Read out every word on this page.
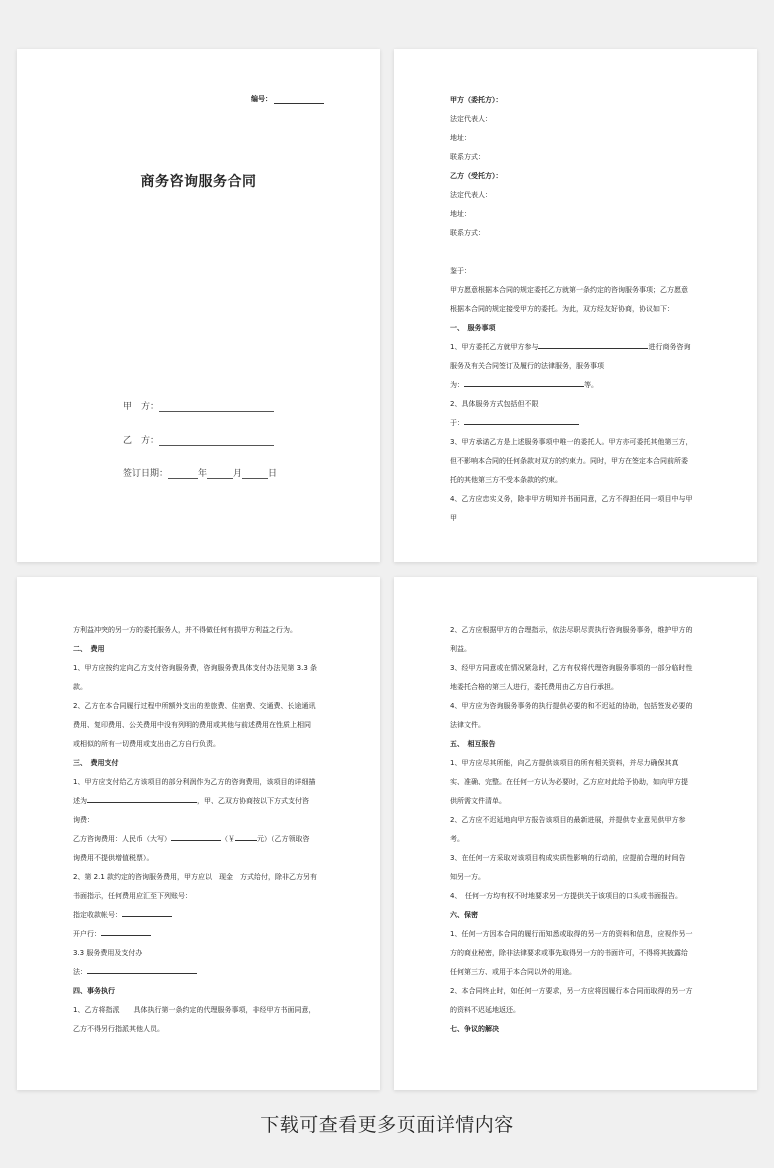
编号：
商务咨询服务合同
甲　方：
乙　方：
签订日期：	年	月	日
甲方（委托方）：
法定代表人：
地址：
联系方式：
乙方（受托方）：
法定代表人：
地址：
联系方式：

鉴于：
甲方愿意根据本合同的规定委托乙方就第一条约定的咨询服务事项；乙方愿意
根据本合同的规定接受甲方的委托。为此，双方经友好协商，协议如下：
一、　服务事项
1、甲方委托乙方就甲方参与	进行商务咨询
服务及有关合同签订及履行的法律服务，服务事项
为：	等。
2、具体服务方式包括但不限
于：
3、甲方承诺乙方是上述服务事项中唯一的委托人。甲方亦可委托其他第三方，
但不影响本合同的任何条款对双方的约束力。同时，甲方在签定本合同前所委
托的其他第三方不受本条款的约束。
4、乙方应忠实义务，除非甲方明知并书面同意，乙方不得担任同一项目中与甲
甲
方利益冲突的另一方的委托服务人，并不得做任何有损甲方利益之行为。
二、　费用
1、甲方应按约定向乙方支付咨询服务费，咨询服务费具体支付办法见第 3.3 条
款。
2、乙方在本合同履行过程中所额外支出的差旅费、住宿费、交通费、长途通讯
费用、复印费用、公关费用中没有列明的费用或其他与前述费用在性质上相同
或相似的所有一切费用或支出由乙方自行负责。
三、　费用支付
1、甲方应支付给乙方该项目的部分利润作为乙方的咨询费用，该项目的详细描
述为	，甲、乙双方协商按以下方式支付咨
询费：
乙方咨询费用：人民币（大写）	（￥	元）（乙方领取咨
询费用不提供增值税票）。
2、第 2.1 款约定的咨询服务费用，甲方应以　现金　方式给付，除非乙方另有
书面指示，任何费用应汇至下列账号：
指定收款帐号：
开户行：
3.3 服务费用及支付办
法：
四、事务执行
1、乙方将指派　　具体执行第一条约定的代理服务事项，非经甲方书面同意，
乙方不得另行指派其他人员。
2、乙方应根据甲方的合理指示，依法尽职尽责执行咨询服务事务，维护甲方的
利益。
3、经甲方同意或在情况紧急时，乙方有权将代理咨询服务事项的一部分临时性
地委托合格的第三人进行，委托费用由乙方自行承担。
4、甲方应为咨询服务事务的执行提供必要的和不迟延的协助，包括签发必要的
法律文件。
五、　相互报告
1、甲方应尽其所能，向乙方提供该项目的所有相关资料，并尽力确保其真
实、准确、完整。在任何一方认为必要时，乙方应对此给予协助，如向甲方提
供所需文件清单。
2、乙方应不迟延地向甲方报告该项目的最新进展，并提供专业意见供甲方参
考。
3、在任何一方采取对该项目构成实质性影响的行动前，应提前合理的时间告
知另一方。
4、　任何一方均有权不时地要求另一方提供关于该项目的口头或书面报告。
六、保密
1、任何一方因本合同的履行而知悉或取得的另一方的资料和信息，应视作另一
方的商业秘密，除非法律要求或事先取得另一方的书面许可，不得将其披露给
任何第三方、或用于本合同以外的用途。
2、本合同终止时，如任何一方要求，另一方应将因履行本合同而取得的另一方
的资料不迟延地返还。
七、争议的解决
下载可查看更多页面详情内容
